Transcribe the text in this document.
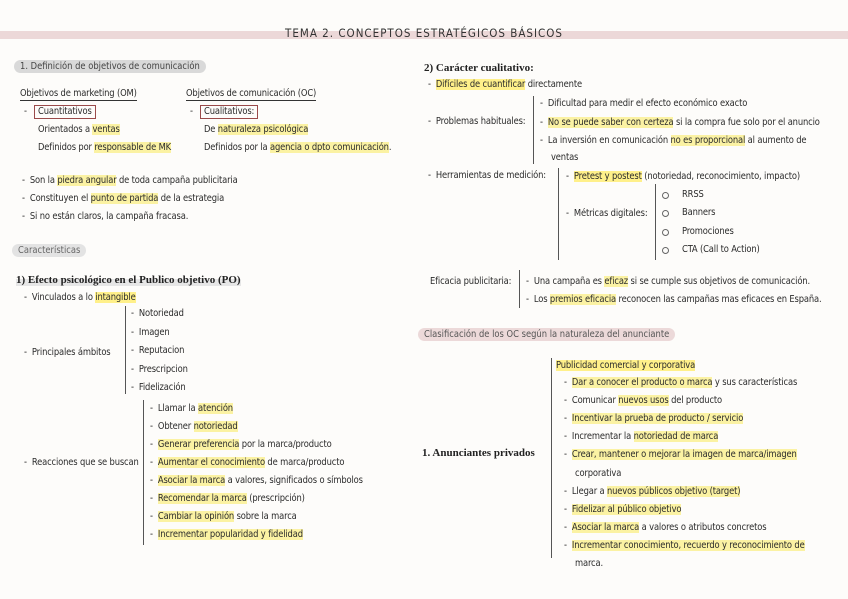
TEMA 2. CONCEPTOS ESTRATÉGICOS BÁSICOS
1. Definición de objetivos de comunicación
Objetivos de marketing (OM)
-	Cuantitativos
Orientados a ventas
Definidos por responsable de MK
Objetivos de comunicación (OC)
-	Cualitativos:
De naturaleza psicológica
Definidos por la agencia o dpto comunicación.
-  Son la piedra angular de toda campaña publicitaria
-  Constituyen el punto de partida de la estrategia
-  Si no están claros, la campaña fracasa.
Características
1) Efecto psicológico en el Publico objetivo (PO)
-  Vinculados a lo intangible
-  Principales ámbitos
-  Notoriedad
-  Imagen
-  Reputacion
-  Prescripcion
-  Fidelización
-  Reacciones que se buscan
-  Llamar la atención
-  Obtener notoriedad
-  Generar preferencia por la marca/producto
-  Aumentar el conocimiento de marca/producto
-  Asociar la marca a valores, significados o símbolos
-  Recomendar la marca (prescripción)
-  Cambiar la opinión sobre la marca
-  Incrementar popularidad y fidelidad
2) Carácter cualitativo:
-  Difíciles de cuantificar directamente
-  Problemas habituales:
-  Dificultad para medir el efecto económico exacto
-  No se puede saber con certeza si la compra fue solo por el anuncio
-  La inversión en comunicación no es proporcional al aumento de
ventas
-  Herramientas de medición: -  Pretest y postest (notoriedad, reconocimiento, impacto)
-  Métricas digitales:
RRSS
Banners
Promociones
CTA (Call to Action)
Eficacia publicitaria: -  Una campaña es eficaz si se cumple sus objetivos de comunicación.
-  Los premios eficacia reconocen las campañas mas eficaces en España.
Clasificación de los OC según la naturaleza del anunciante
1. Anunciantes privados
Publicidad comercial y corporativa
-  Dar a conocer el producto o marca y sus características
-  Comunicar nuevos usos del producto
-  Incentivar la prueba de producto / servicio
-  Incrementar la notoriedad de marca
-  Crear, mantener o mejorar la imagen de marca/imagen
corporativa
-  Llegar a nuevos públicos objetivo (target)
-  Fidelizar al público objetivo
-  Asociar la marca a valores o atributos concretos
-  Incrementar conocimiento, recuerdo y reconocimiento de
marca.
